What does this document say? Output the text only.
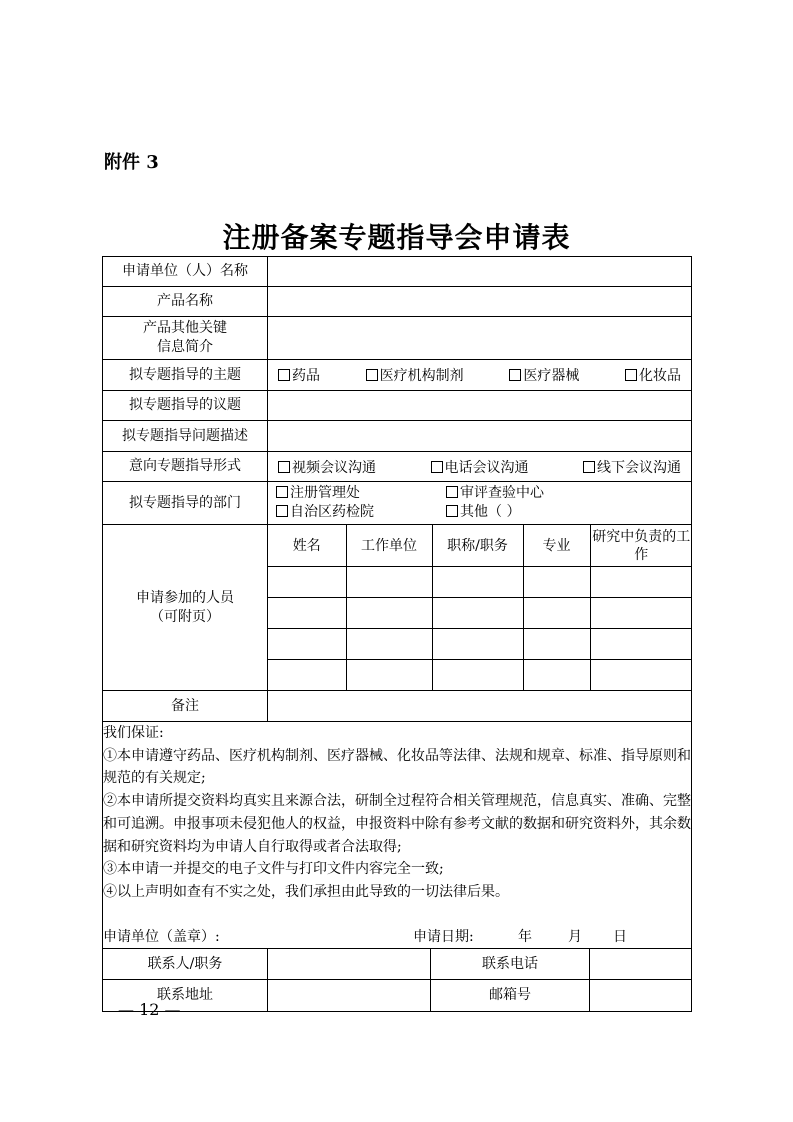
附件 3
注册备案专题指导会申请表
申请单位（人）名称	
产品名称	

产品其他关键
信息简介

拟专题指导的主题	药品	医疗机构制剂	医疗器械	化妆品

拟专题指导的议题	
拟专题指导问题描述	
意向专题指导形式	视频会议沟通	电话会议沟通	线下会议沟通

拟专题指导的部门	
注册管理处	审评查验中心
自治区药检院	其他（ ）

申请参加的人员
（可附页）

姓名	工作单位	职称/职务	专业	研究中负责的工作

备注	

我们保证:
①本申请遵守药品、医疗机构制剂、医疗器械、化妆品等法律、法规和规章、标准、指导原则和规范的有关规定;
②本申请所提交资料均真实且来源合法，研制全过程符合相关管理规范，信息真实、准确、完整和可追溯。申报事项未侵犯他人的权益，申报资料中除有参考文献的数据和研究资料外，其余数据和研究资料均为申请人自行取得或者合法取得;
③本申请一并提交的电子文件与打印文件内容完全一致;
④以上声明如查有不实之处，我们承担由此导致的一切法律后果。
申请单位（盖章）:	申请日期:	年	月	日

联系人/职务		联系电话	
联系地址		邮箱号	
— 12 —
